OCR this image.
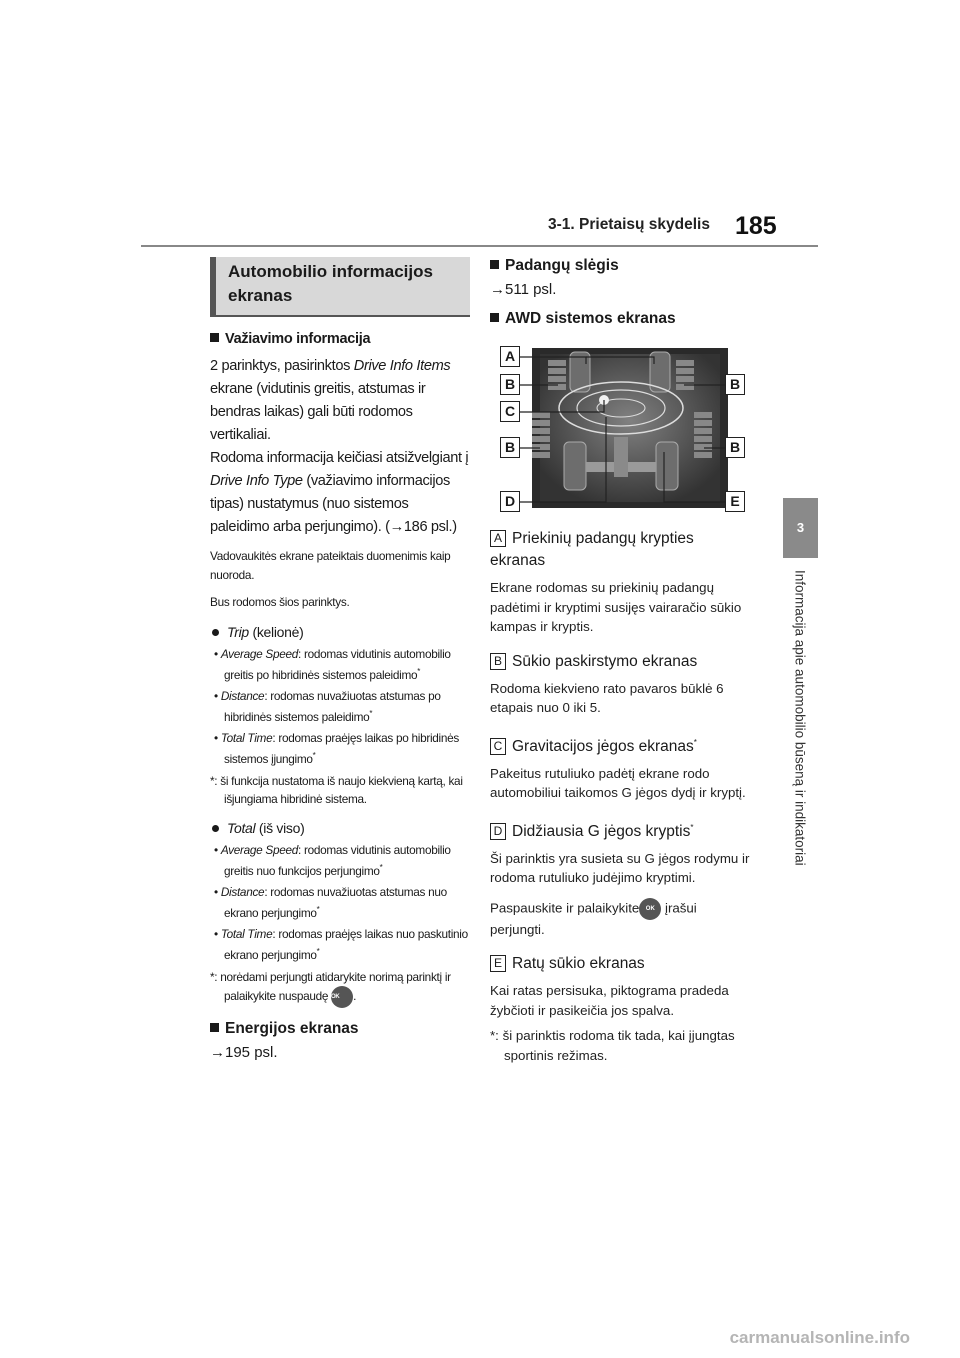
3-1. Prietaisų skydelis 185
3
Informacija apie automobilio būseną ir indikatoriai
Automobilio informacijos ekranas
Važiavimo informacija

2 parinktys, pasirinktos Drive Info Items ekrane (vidutinis greitis, atstumas ir bendras laikas) gali būti rodomos vertikaliai.

Rodoma informacija keičiasi atsižvelgiant į Drive Info Type (važiavimo informacijos tipas) nustatymus (nuo sistemos paleidimo arba perjungimo). (→186 psl.)

Vadovaukitės ekrane pateiktais duomenimis kaip nuoroda.

Bus rodomos šios parinktys.

Trip (kelionė)

• Average Speed: rodomas vidutinis automobilio greitis po hibridinės sistemos paleidimo*

• Distance: rodomas nuvažiuotas atstumas po hibridinės sistemos paleidimo*

• Total Time: rodomas praėjęs laikas po hibridinės sistemos įjungimo*

*: ši funkcija nustatoma iš naujo kiekvieną kartą, kai išjungiama hibridinė sistema.

Total (iš viso)

• Average Speed: rodomas vidutinis automobilio greitis nuo funkcijos perjungimo*

• Distance: rodomas nuvažiuotas atstumas nuo ekrano perjungimo*

• Total Time: rodomas praėjęs laikas nuo paskutinio ekrano perjungimo*

*: norėdami perjungti atidarykite norimą parinktį ir palaikykite nuspaudę OK .

Energijos ekranas
→195 psl.
Padangų slėgis
→511 psl.
AWD sistemos ekranas
A
B	B
C
B	B
D	E
A Priekinių padangų krypties ekranas

Ekrane rodomas su priekinių padangų padėtimi ir kryptimi susijęs vairaračio sūkio kampas ir kryptis.

B Sūkio paskirstymo ekranas

Rodoma kiekvieno rato pavaros būklė 6 etapais nuo 0 iki 5.

C Gravitacijos jėgos ekranas*

Pakeitus rutuliuko padėtį ekrane rodo automobiliui taikomos G jėgos dydį ir kryptį.

D Didžiausia G jėgos kryptis*

Ši parinktis yra susieta su G jėgos rodymu ir rodoma rutuliuko judėjimo kryptimi.

Paspauskite ir palaikykite OK įrašui perjungti.

E Ratų sūkio ekranas

Kai ratas persisuka, piktograma pradeda žybčioti ir pasikeičia jos spalva.

*: ši parinktis rodoma tik tada, kai įjungtas sportinis režimas.

carmanualsonline.info
